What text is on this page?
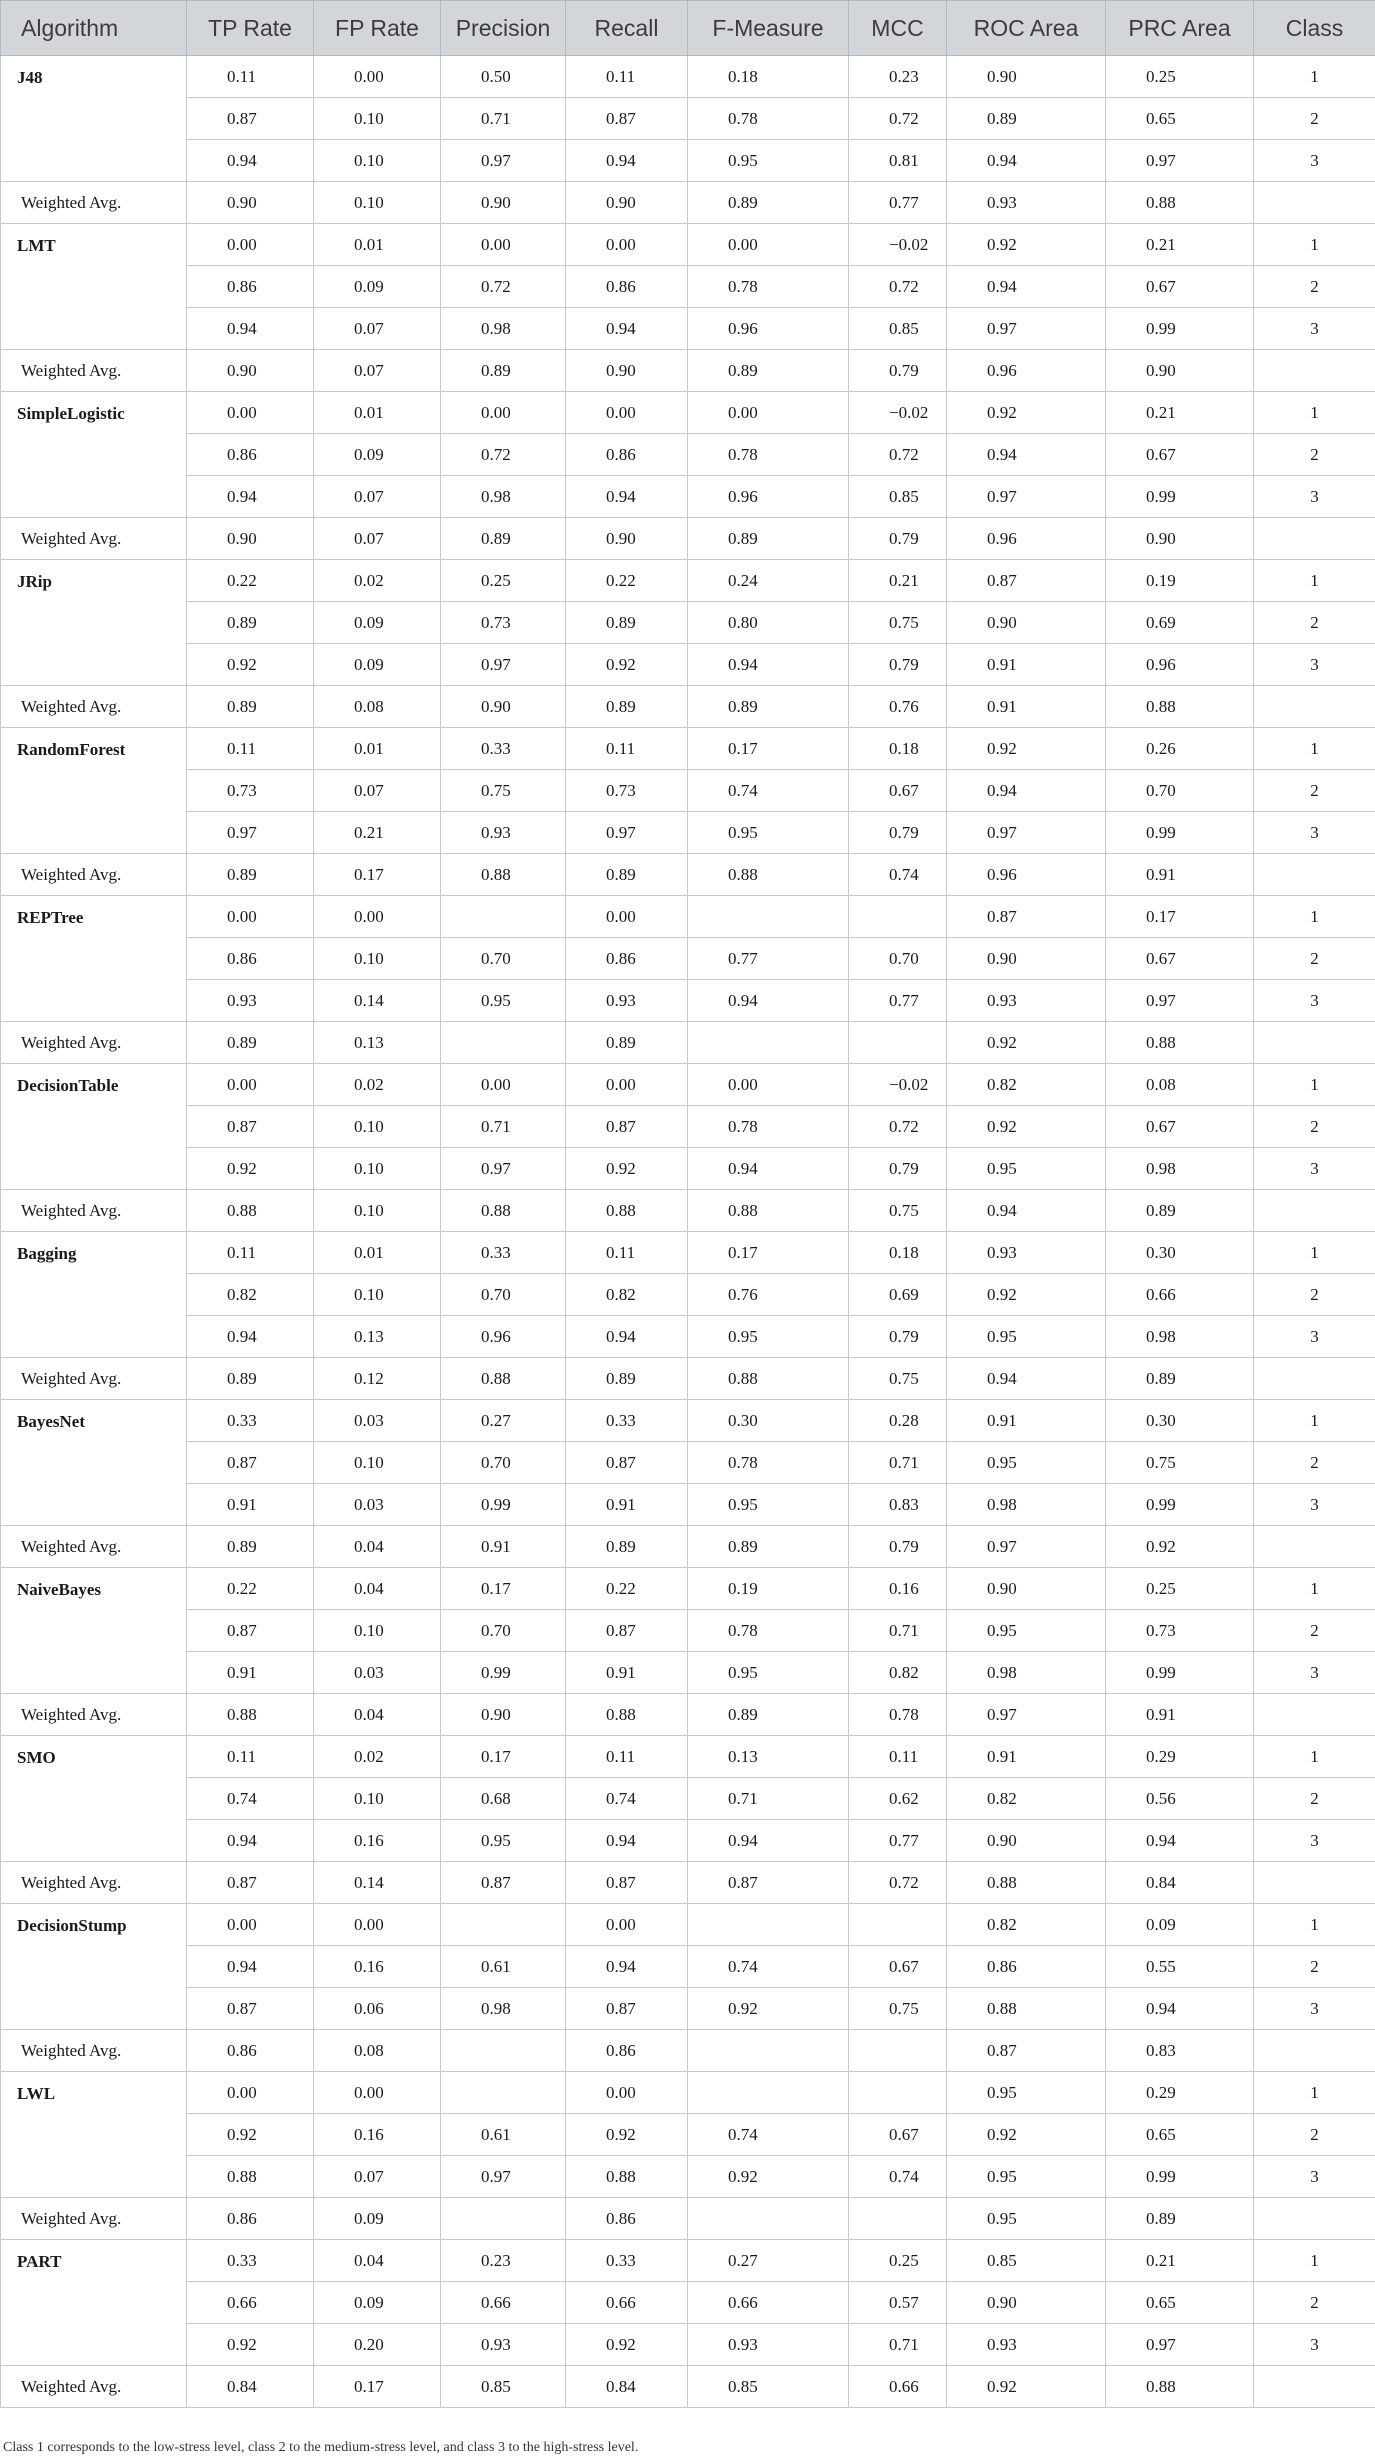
Algorithm	TP Rate	FP Rate	Precision	Recall	F-Measure	MCC	ROC Area	PRC Area	Class
J48	0.11	0.00	0.50	0.11	0.18	0.23	0.90	0.25	1
	0.87	0.10	0.71	0.87	0.78	0.72	0.89	0.65	2
	0.94	0.10	0.97	0.94	0.95	0.81	0.94	0.97	3
Weighted Avg.	0.90	0.10	0.90	0.90	0.89	0.77	0.93	0.88	
LMT	0.00	0.01	0.00	0.00	0.00	−0.02	0.92	0.21	1
	0.86	0.09	0.72	0.86	0.78	0.72	0.94	0.67	2
	0.94	0.07	0.98	0.94	0.96	0.85	0.97	0.99	3
Weighted Avg.	0.90	0.07	0.89	0.90	0.89	0.79	0.96	0.90	
SimpleLogistic	0.00	0.01	0.00	0.00	0.00	−0.02	0.92	0.21	1
	0.86	0.09	0.72	0.86	0.78	0.72	0.94	0.67	2
	0.94	0.07	0.98	0.94	0.96	0.85	0.97	0.99	3
Weighted Avg.	0.90	0.07	0.89	0.90	0.89	0.79	0.96	0.90	
JRip	0.22	0.02	0.25	0.22	0.24	0.21	0.87	0.19	1
	0.89	0.09	0.73	0.89	0.80	0.75	0.90	0.69	2
	0.92	0.09	0.97	0.92	0.94	0.79	0.91	0.96	3
Weighted Avg.	0.89	0.08	0.90	0.89	0.89	0.76	0.91	0.88	
RandomForest	0.11	0.01	0.33	0.11	0.17	0.18	0.92	0.26	1
	0.73	0.07	0.75	0.73	0.74	0.67	0.94	0.70	2
	0.97	0.21	0.93	0.97	0.95	0.79	0.97	0.99	3
Weighted Avg.	0.89	0.17	0.88	0.89	0.88	0.74	0.96	0.91	
REPTree	0.00	0.00		0.00			0.87	0.17	1
	0.86	0.10	0.70	0.86	0.77	0.70	0.90	0.67	2
	0.93	0.14	0.95	0.93	0.94	0.77	0.93	0.97	3
Weighted Avg.	0.89	0.13		0.89			0.92	0.88	
DecisionTable	0.00	0.02	0.00	0.00	0.00	−0.02	0.82	0.08	1
	0.87	0.10	0.71	0.87	0.78	0.72	0.92	0.67	2
	0.92	0.10	0.97	0.92	0.94	0.79	0.95	0.98	3
Weighted Avg.	0.88	0.10	0.88	0.88	0.88	0.75	0.94	0.89	
Bagging	0.11	0.01	0.33	0.11	0.17	0.18	0.93	0.30	1
	0.82	0.10	0.70	0.82	0.76	0.69	0.92	0.66	2
	0.94	0.13	0.96	0.94	0.95	0.79	0.95	0.98	3
Weighted Avg.	0.89	0.12	0.88	0.89	0.88	0.75	0.94	0.89	
BayesNet	0.33	0.03	0.27	0.33	0.30	0.28	0.91	0.30	1
	0.87	0.10	0.70	0.87	0.78	0.71	0.95	0.75	2
	0.91	0.03	0.99	0.91	0.95	0.83	0.98	0.99	3
Weighted Avg.	0.89	0.04	0.91	0.89	0.89	0.79	0.97	0.92	
NaiveBayes	0.22	0.04	0.17	0.22	0.19	0.16	0.90	0.25	1
	0.87	0.10	0.70	0.87	0.78	0.71	0.95	0.73	2
	0.91	0.03	0.99	0.91	0.95	0.82	0.98	0.99	3
Weighted Avg.	0.88	0.04	0.90	0.88	0.89	0.78	0.97	0.91	
SMO	0.11	0.02	0.17	0.11	0.13	0.11	0.91	0.29	1
	0.74	0.10	0.68	0.74	0.71	0.62	0.82	0.56	2
	0.94	0.16	0.95	0.94	0.94	0.77	0.90	0.94	3
Weighted Avg.	0.87	0.14	0.87	0.87	0.87	0.72	0.88	0.84	
DecisionStump	0.00	0.00		0.00			0.82	0.09	1
	0.94	0.16	0.61	0.94	0.74	0.67	0.86	0.55	2
	0.87	0.06	0.98	0.87	0.92	0.75	0.88	0.94	3
Weighted Avg.	0.86	0.08		0.86			0.87	0.83	
LWL	0.00	0.00		0.00			0.95	0.29	1
	0.92	0.16	0.61	0.92	0.74	0.67	0.92	0.65	2
	0.88	0.07	0.97	0.88	0.92	0.74	0.95	0.99	3
Weighted Avg.	0.86	0.09		0.86			0.95	0.89	
PART	0.33	0.04	0.23	0.33	0.27	0.25	0.85	0.21	1
	0.66	0.09	0.66	0.66	0.66	0.57	0.90	0.65	2
	0.92	0.20	0.93	0.92	0.93	0.71	0.93	0.97	3
Weighted Avg.	0.84	0.17	0.85	0.84	0.85	0.66	0.92	0.88	
Class 1 corresponds to the low-stress level, class 2 to the medium-stress level, and class 3 to the high-stress level.
